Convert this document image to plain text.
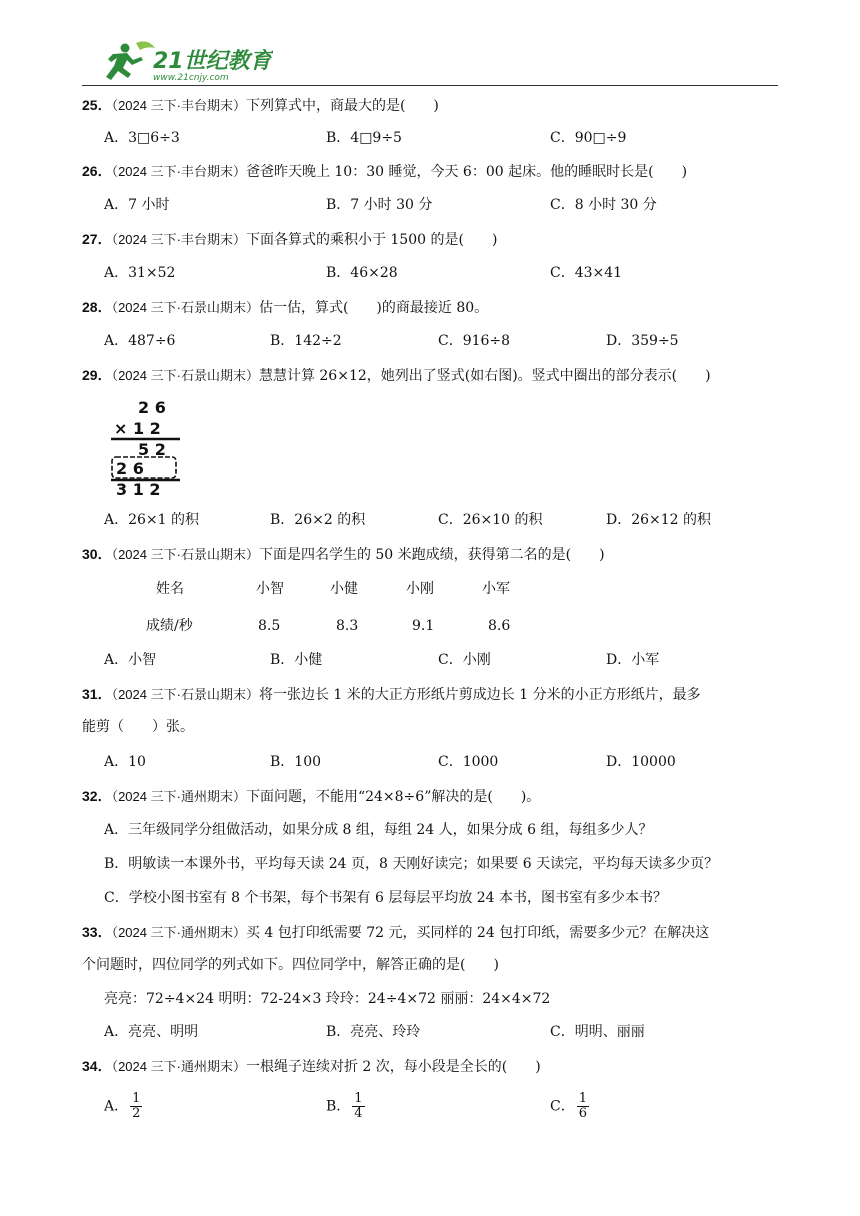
21世纪教育
www.21cnjy.com
25．（2024 三下·丰台期末）下列算式中，商最大的是(　　)
A．3□6÷3	B．4□9÷5	C．90□÷9
26．（2024 三下·丰台期末）爸爸昨天晚上 10：30 睡觉，今天 6：00 起床。他的睡眠时长是(　　)
A．7 小时	B．7 小时 30 分	C．8 小时 30 分
27．（2024 三下·丰台期末）下面各算式的乘积小于 1500 的是(　　)
A．31×52	B．46×28	C．43×41
28．（2024 三下·石景山期末）估一估，算式(　　)的商最接近 80。
A．487÷6	B．142÷2	C．916÷8	D．359÷5
29．（2024 三下·石景山期末）慧慧计算 26×12，她列出了竖式(如右图)。竖式中圈出的部分表示(　　)
2 6
× 1 2
5 2
2 6
3 1 2
A．26×1 的积	B．26×2 的积	C．26×10 的积	D．26×12 的积
30．（2024 三下·石景山期末）下面是四名学生的 50 米跑成绩，获得第二名的是(　　)
姓名	小智	小健	小刚	小军
成绩/秒	8.5	8.3	9.1	8.6
A．小智	B．小健	C．小刚	D．小军
31．（2024 三下·石景山期末）将一张边长 1 米的大正方形纸片剪成边长 1 分米的小正方形纸片，最多
能剪（　　）张。
A．10	B．100	C．1000	D．10000
32．（2024 三下·通州期末）下面问题，不能用“24×8÷6”解决的是(　　)。
A．三年级同学分组做活动，如果分成 8 组，每组 24 人，如果分成 6 组，每组多少人？
B．明敏读一本课外书，平均每天读 24 页，8 天刚好读完；如果要 6 天读完，平均每天读多少页？
C．学校小图书室有 8 个书架，每个书架有 6 层每层平均放 24 本书，图书室有多少本书？
33．（2024 三下·通州期末）买 4 包打印纸需要 72 元，买同样的 24 包打印纸，需要多少元？在解决这
个问题时，四位同学的列式如下。四位同学中，解答正确的是(　　)
亮亮：72÷4×24 明明：72-24×3 玲玲：24÷4×72 丽丽：24×4×72
A．亮亮、明明	B．亮亮、玲玲	C．明明、丽丽
34．（2024 三下·通州期末）一根绳子连续对折 2 次，每小段是全长的(　　)
A． $\frac{1}{2}$	B． $\frac{1}{4}$	C． $\frac{1}{6}$
